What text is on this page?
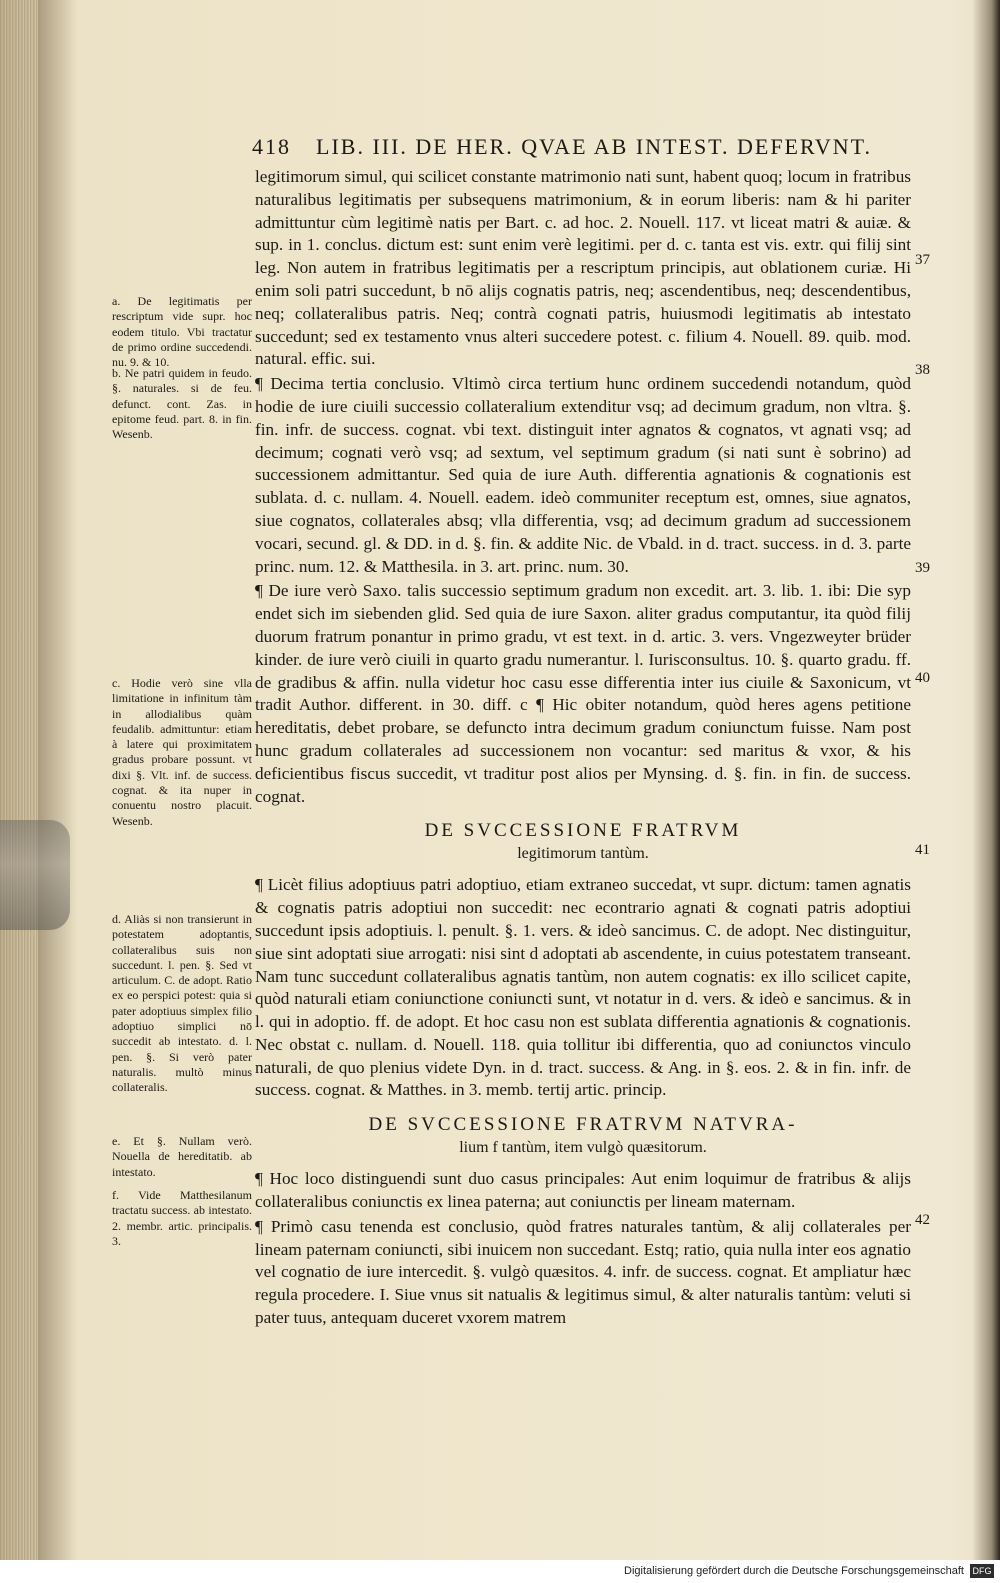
418 LIB. III. DE HER. QVAE AB INTEST. DEFERVNT.

legitimorum simul, qui scilicet constante matrimonio nati sunt, habent quoq; locum in fratribus naturalibus legitimatis per subsequens matrimonium, & in eorum liberis: nam & hi pariter admittuntur cùm legitimè natis per Bart. c. ad hoc. 2. Nouell. 117. vt liceat matri & auiæ. & sup. in 1. conclus. dictum est: sunt enim verè legitimi. per d. c. tanta est vis. extr. qui filij sint leg. Non autem in fratribus legitimatis per a rescriptum principis, aut oblationem curiæ. Hi enim soli patri succedunt, b nō alijs cognatis patris, neq; ascendentibus, neq; descendentibus, neq; collateralibus patris. Neq; contrà cognati patris, huiusmodi legitimatis ab intestato succedunt; sed ex testamento vnus alteri succedere potest. c. filium 4. Nouell. 89. quib. mod. natural. effic. sui.

¶ Decima tertia conclusio. Vltimò circa tertium hunc ordinem succedendi notandum, quòd hodie de iure ciuili successio collateralium extenditur vsq; ad decimum gradum, non vltra. §. fin. infr. de success. cognat. vbi text. distinguit inter agnatos & cognatos, vt agnati vsq; ad decimum; cognati verò vsq; ad sextum, vel septimum gradum (si nati sunt è sobrino) ad successionem admittantur. Sed quia de iure Auth. differentia agnationis & cognationis est sublata. d. c. nullam. 4. Nouell. eadem. ideò communiter receptum est, omnes, siue agnatos, siue cognatos, collaterales absq; vlla differentia, vsq; ad decimum gradum ad successionem vocari, secund. gl. & DD. in d. §. fin. & addite Nic. de Vbald. in d. tract. success. in d. 3. parte princ. num. 12. & Matthesila. in 3. art. princ. num. 30.

¶ De iure verò Saxo. talis successio septimum gradum non excedit. art. 3. lib. 1. ibi: Die syp endet sich im siebenden glid. Sed quia de iure Saxon. aliter gradus computantur, ita quòd filij duorum fratrum ponantur in primo gradu, vt est text. in d. artic. 3. vers. Vngezweyter brüder kinder. de iure verò ciuili in quarto gradu numerantur. l. Iurisconsultus. 10. §. quarto gradu. ff. de gradibus & affin. nulla videtur hoc casu esse differentia inter ius ciuile & Saxonicum, vt tradit Author. different. in 30. diff. c ¶ Hic obiter notandum, quòd heres agens petitione hereditatis, debet probare, se defuncto intra decimum gradum coniunctum fuisse. Nam post hunc gradum collaterales ad successionem non vocantur: sed maritus & vxor, & his deficientibus fiscus succedit, vt traditur post alios per Mynsing. d. §. fin. in fin. de success. cognat.

DE SVCCESSIONE FRATRVM
legitimorum tantùm.

¶ Licèt filius adoptiuus patri adoptiuo, etiam extraneo succedat, vt supr. dictum: tamen agnatis & cognatis patris adoptiui non succedit: nec econtrario agnati & cognati patris adoptiui succedunt ipsis adoptiuis. l. penult. §. 1. vers. & ideò sancimus. C. de adopt. Nec distinguitur, siue sint adoptati siue arrogati: nisi sint d adoptati ab ascendente, in cuius potestatem transeant. Nam tunc succedunt collateralibus agnatis tantùm, non autem cognatis: ex illo scilicet capite, quòd naturali etiam coniunctione coniuncti sunt, vt notatur in d. vers. & ideò e sancimus. & in l. qui in adoptio. ff. de adopt. Et hoc casu non est sublata differentia agnationis & cognationis. Nec obstat c. nullam. d. Nouell. 118. quia tollitur ibi differentia, quo ad coniunctos vinculo naturali, de quo plenius videte Dyn. in d. tract. success. & Ang. in §. eos. 2. & in fin. infr. de success. cognat. & Matthes. in 3. memb. tertij artic. princip.

DE SVCCESSIONE FRATRVM NATVRA-
lium f tantùm, item vulgò quæsitorum.

¶ Hoc loco distinguendi sunt duo casus principales: Aut enim loquimur de fratribus & alijs collateralibus coniunctis ex linea paterna; aut coniunctis per lineam maternam.

¶ Primò casu tenenda est conclusio, quòd fratres naturales tantùm, & alij collaterales per lineam paternam coniuncti, sibi inuicem non succedant. Estq; ratio, quia nulla inter eos agnatio vel cognatio de iure intercedit. §. vulgò quæsitos. 4. infr. de success. cognat. Et ampliatur hæc regula procedere. I. Siue vnus sit natualis & legitimus simul, & alter naturalis tantùm: veluti si pater tuus, antequam duceret vxorem matrem

a. De legitimatis per rescriptum vide supr. hoc eodem titulo. Vbi tractatur de primo ordine succedendi. nu. 9. & 10.
b. Ne patri quidem in feudo. §. naturales. si de feu. defunct. cont. Zas. in epitome feud. part. 8. in fin. Wesenb.
c. Hodie verò sine vlla limitatione in infinitum tàm in allodialibus quàm feudalib. admittuntur: etiam à latere qui proximitatem gradus probare possunt. vt dixi §. Vlt. inf. de success. cognat. & ita nuper in conuentu nostro placuit. Wesenb.
d. Aliàs si non transierunt in potestatem adoptantis, collateralibus suis non succedunt. l. pen. §. Sed vt articulum. C. de adopt. Ratio ex eo perspici potest: quia si pater adoptiuus simplex filio adoptiuo simplici nō succedit ab intestato. d. l. pen. §. Si verò pater naturalis. multò minus collateralis.
e. Et §. Nullam verò. Nouella de hereditatib. ab intestato.
f. Vide Matthesilanum tractatu success. ab intestato. 2. membr. artic. principalis. 3.
37
38
39
40
41
42
Digitalisierung gefördert durch die Deutsche Forschungsgemeinschaft DFG
